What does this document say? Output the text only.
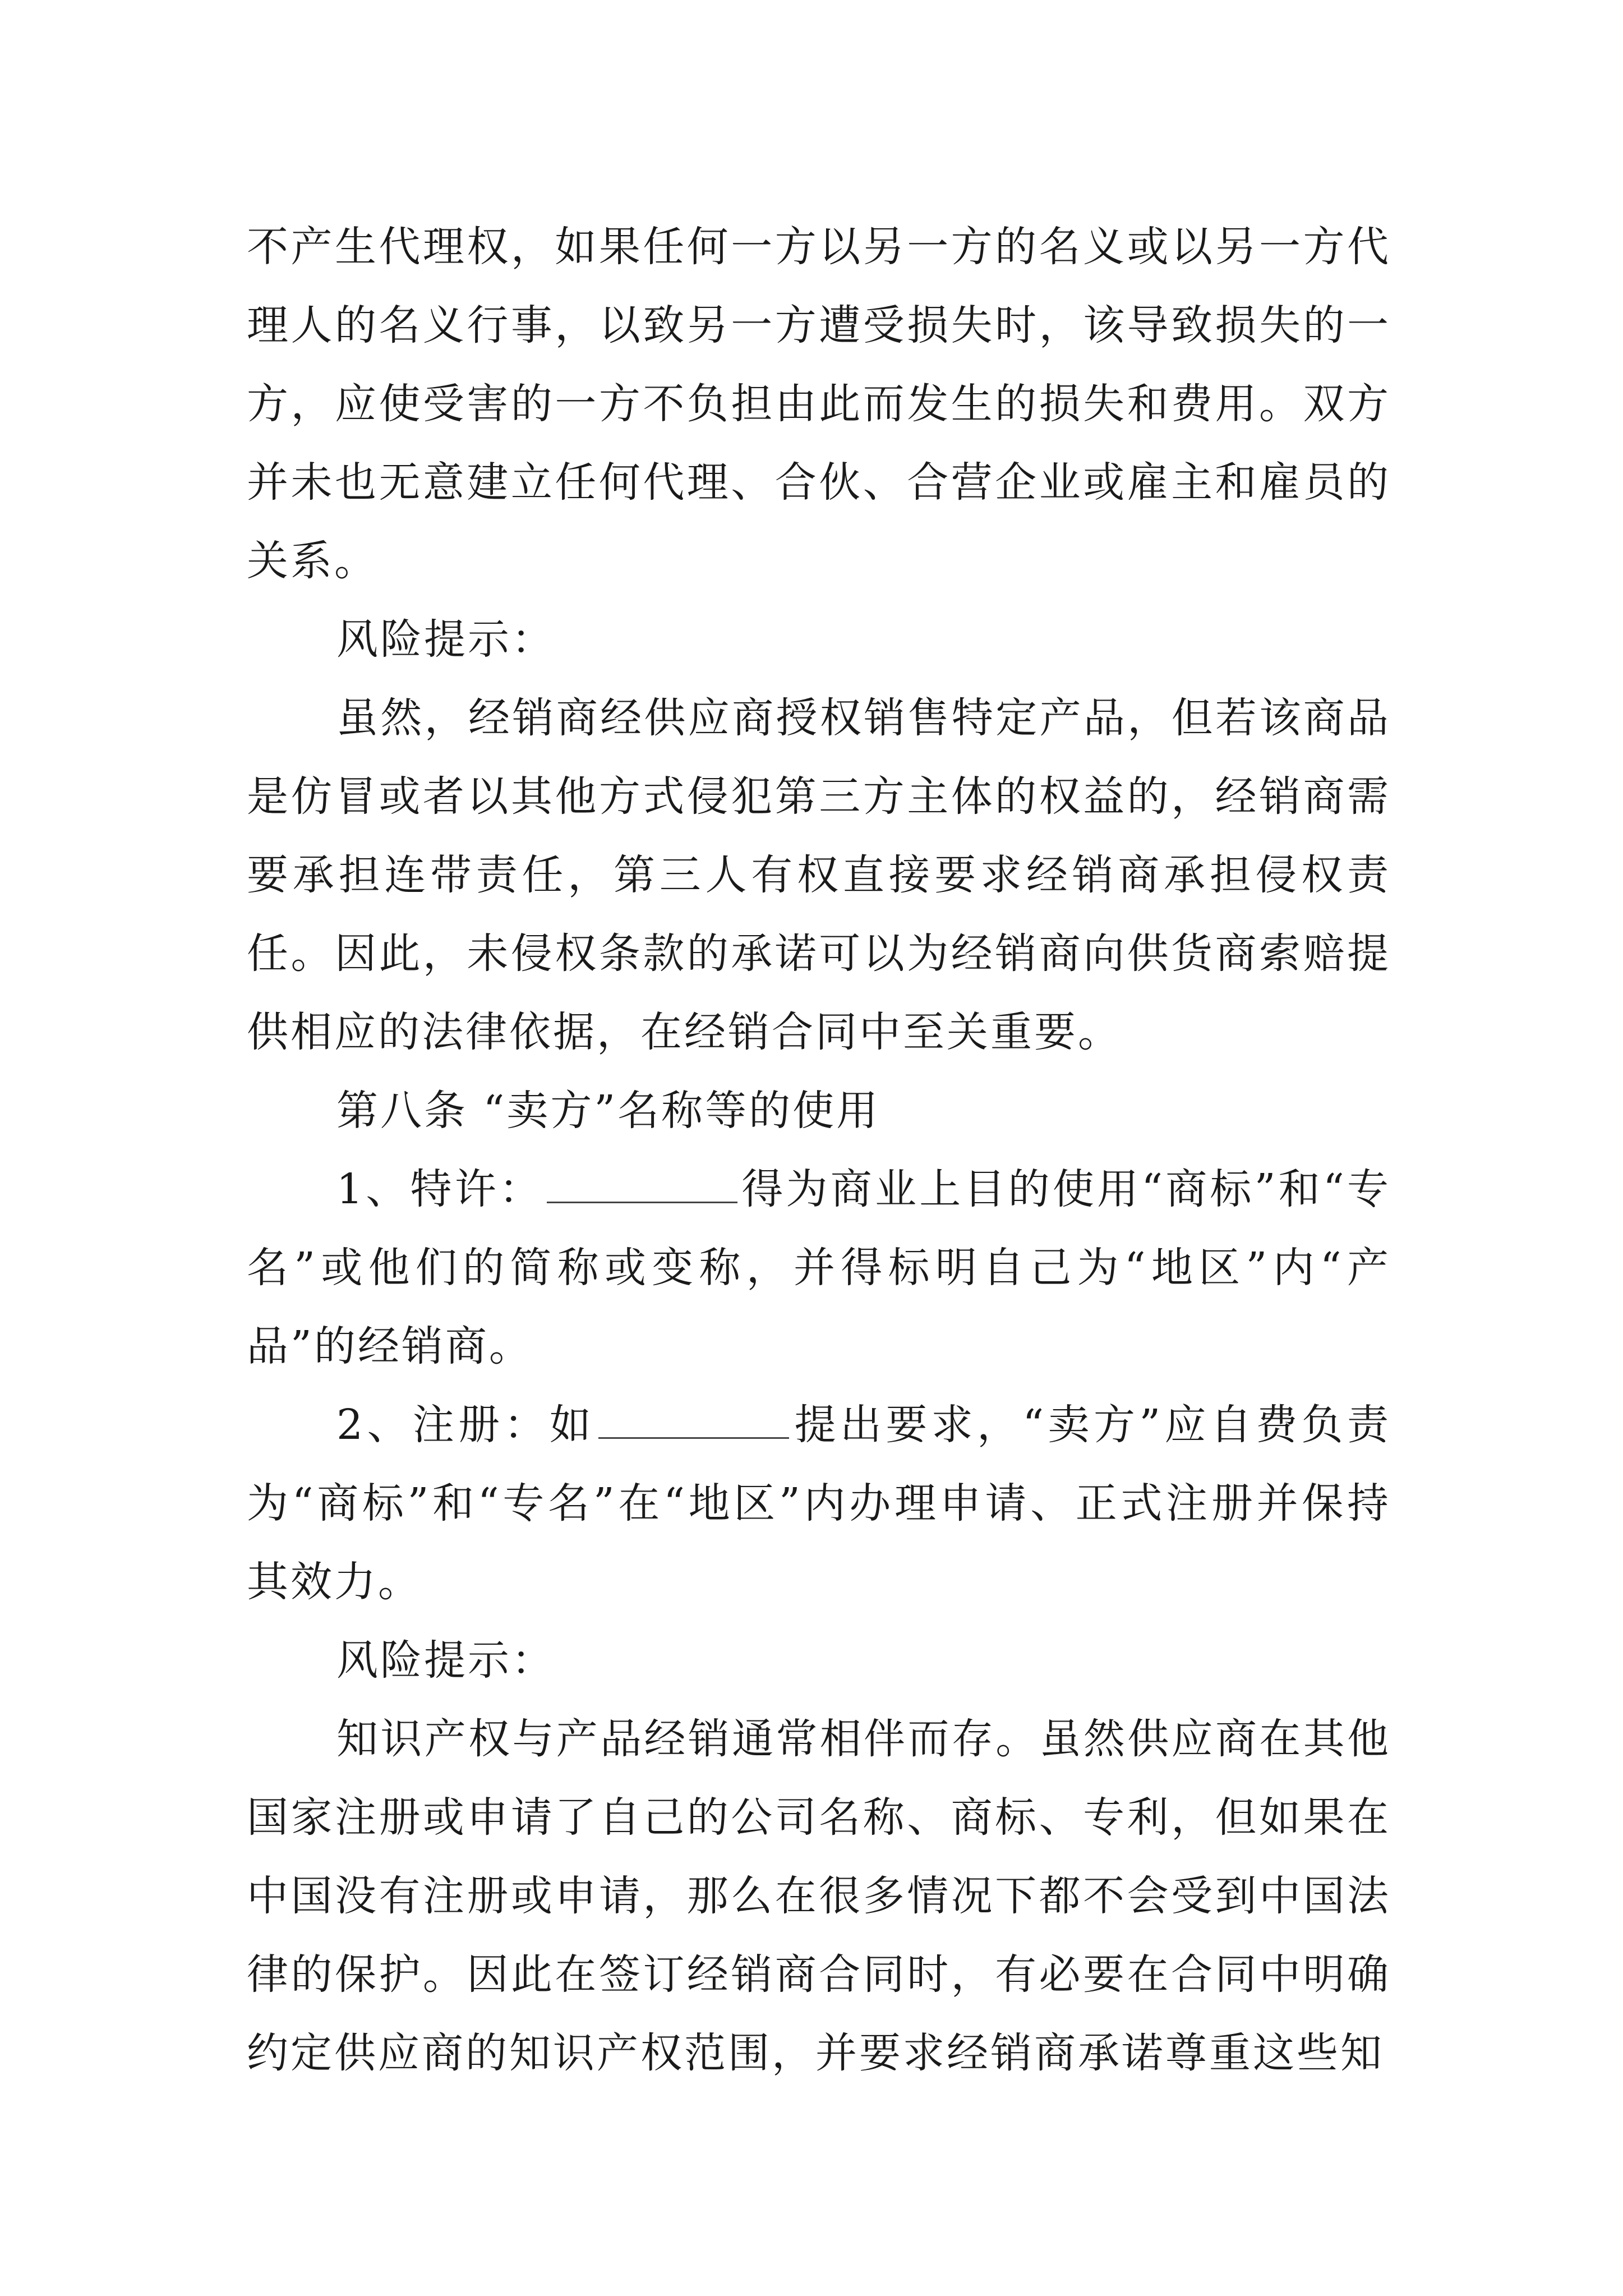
不产生代理权，如果任何一方以另一方的名义或以另一方代理人的名义行事，以致另一方遭受损失时，该导致损失的一方，应使受害的一方不负担由此而发生的损失和费用。双方并未也无意建立任何代理、合伙、合营企业或雇主和雇员的关系。

风险提示：

虽然，经销商经供应商授权销售特定产品，但若该商品是仿冒或者以其他方式侵犯第三方主体的权益的，经销商需要承担连带责任，第三人有权直接要求经销商承担侵权责任。因此，未侵权条款的承诺可以为经销商向供货商索赔提供相应的法律依据，在经销合同中至关重要。

第八条 “卖方”名称等的使用

1、特许：	得为商业上目的使用“商标”和“专名”或他们的简称或变称，并得标明自己为“地区”内“产品”的经销商。

2、注册：如	提出要求，“卖方”应自费负责为“商标”和“专名”在“地区”内办理申请、正式注册并保持其效力。

风险提示：

知识产权与产品经销通常相伴而存。虽然供应商在其他国家注册或申请了自己的公司名称、商标、专利，但如果在中国没有注册或申请，那么在很多情况下都不会受到中国法律的保护。因此在签订经销商合同时，有必要在合同中明确约定供应商的知识产权范围，并要求经销商承诺尊重这些知
